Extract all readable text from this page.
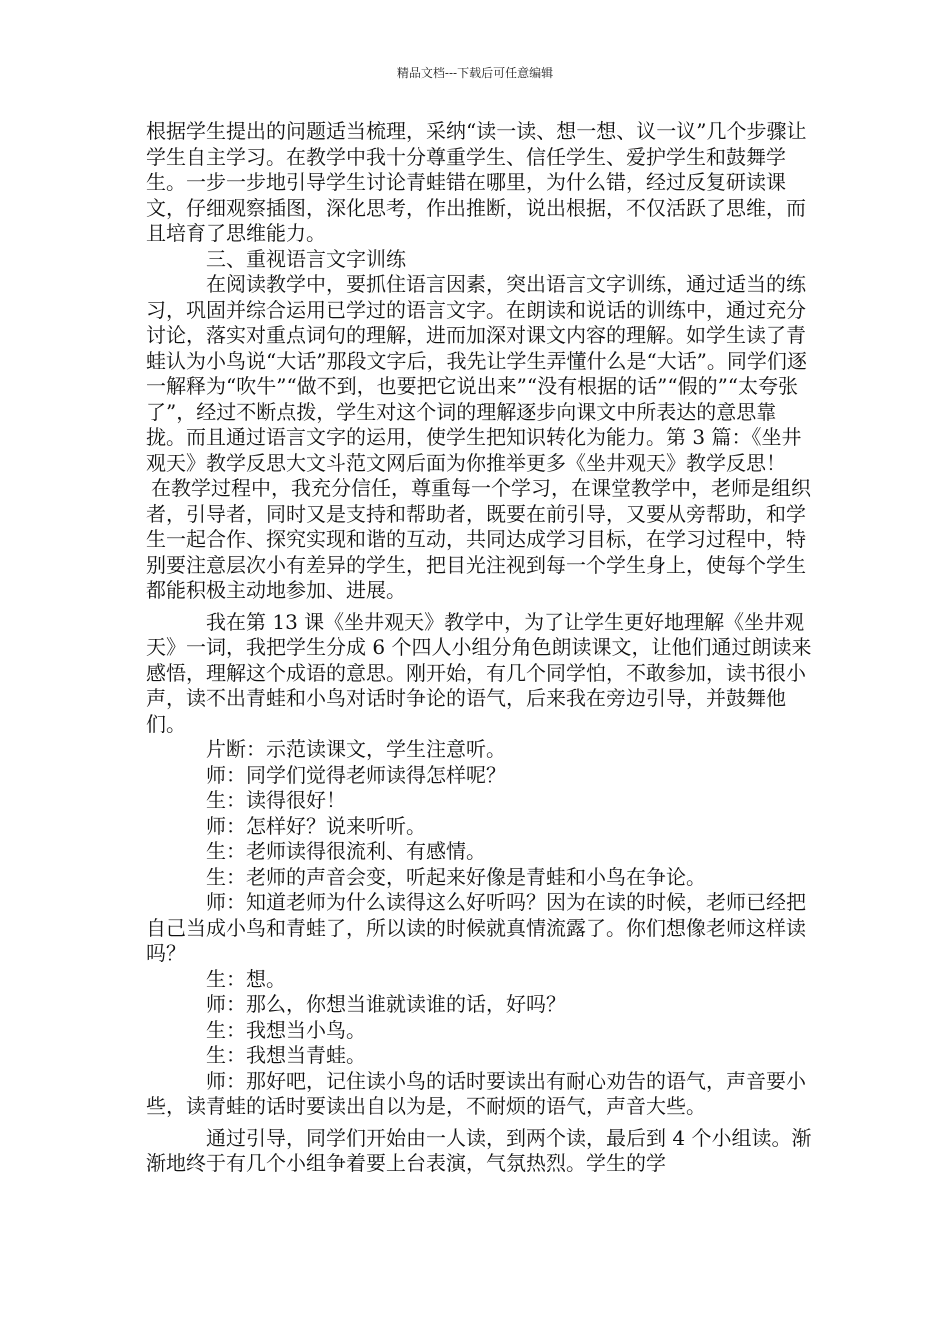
精品文档---下载后可任意编辑

根据学生提出的问题适当梳理，采纳“读一读、想一想、议一议”几个步骤让学生自主学习。在教学中我十分尊重学生、信任学生、爱护学生和鼓舞学生。一步一步地引导学生讨论青蛙错在哪里，为什么错，经过反复研读课文，仔细观察插图，深化思考，作出推断，说出根据，不仅活跃了思维，而且培育了思维能力。

三、重视语言文字训练

在阅读教学中，要抓住语言因素，突出语言文字训练，通过适当的练习，巩固并综合运用已学过的语言文字。在朗读和说话的训练中，通过充分讨论，落实对重点词句的理解，进而加深对课文内容的理解。如学生读了青蛙认为小鸟说“大话”那段文字后，我先让学生弄懂什么是“大话”。同学们逐一解释为“吹牛”“做不到，也要把它说出来”“没有根据的话”“假的”“太夸张了”，经过不断点拨，学生对这个词的理解逐步向课文中所表达的意思靠拢。而且通过语言文字的运用，使学生把知识转化为能力。第 3 篇：《坐井观天》教学反思大文斗范文网后面为你推举更多《坐井观天》教学反思！

在教学过程中，我充分信任，尊重每一个学习，在课堂教学中，老师是组织者，引导者，同时又是支持和帮助者，既要在前引导，又要从旁帮助，和学生一起合作、探究实现和谐的互动，共同达成学习目标，在学习过程中，特别要注意层次小有差异的学生，把目光注视到每一个学生身上，使每个学生都能积极主动地参加、进展。

我在第 13 课《坐井观天》教学中，为了让学生更好地理解《坐井观天》一词，我把学生分成 6 个四人小组分角色朗读课文，让他们通过朗读来感悟，理解这个成语的意思。刚开始，有几个同学怕，不敢参加，读书很小声，读不出青蛙和小鸟对话时争论的语气，后来我在旁边引导，并鼓舞他们。

片断：示范读课文，学生注意听。

师：同学们觉得老师读得怎样呢？

生：读得很好！

师：怎样好？说来听听。

生：老师读得很流利、有感情。

生：老师的声音会变，听起来好像是青蛙和小鸟在争论。

师：知道老师为什么读得这么好听吗？因为在读的时候，老师已经把自己当成小鸟和青蛙了，所以读的时候就真情流露了。你们想像老师这样读吗？

生：想。

师：那么，你想当谁就读谁的话，好吗？

生：我想当小鸟。

生：我想当青蛙。

师：那好吧，记住读小鸟的话时要读出有耐心劝告的语气，声音要小些，读青蛙的话时要读出自以为是，不耐烦的语气，声音大些。

通过引导，同学们开始由一人读，到两个读，最后到 4 个小组读。渐渐地终于有几个小组争着要上台表演，气氛热烈。学生的学
